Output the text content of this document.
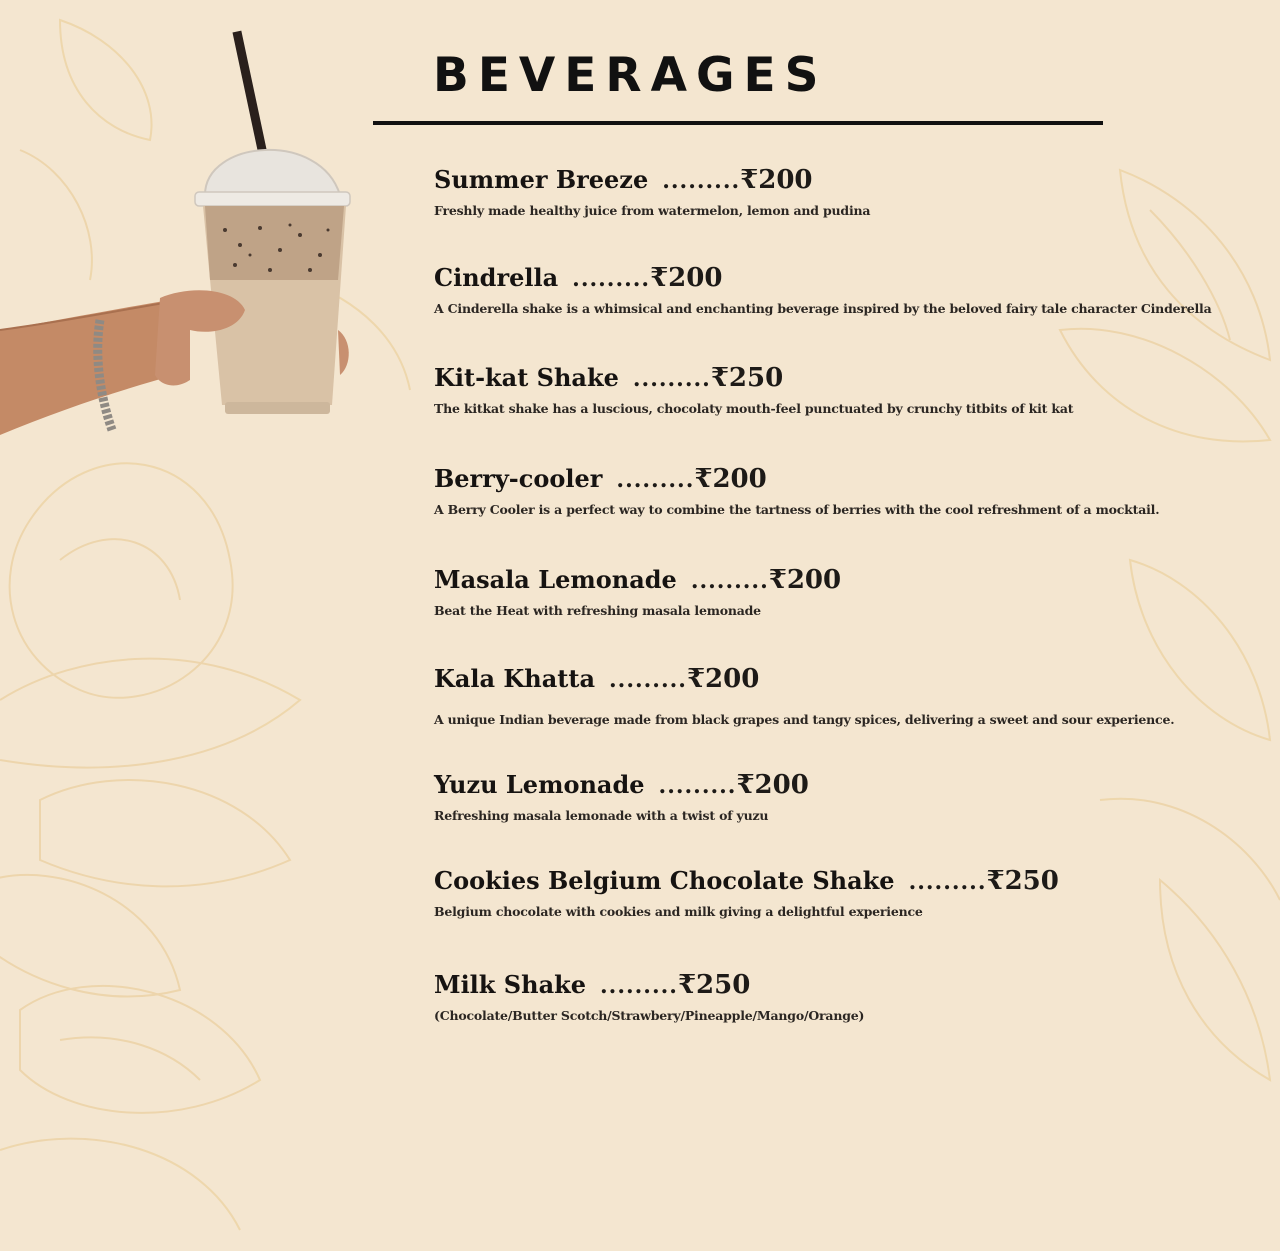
BEVERAGES
Summer Breeze .........₹200
Freshly made healthy juice from watermelon, lemon and pudina
Cindrella .........₹200
A Cinderella shake is a whimsical and enchanting beverage inspired by the beloved fairy tale character Cinderella
Kit-kat Shake .........₹250
The kitkat shake has a luscious, chocolaty mouth-feel punctuated by crunchy titbits of kit kat
Berry-cooler .........₹200
A Berry Cooler is a perfect way to combine the tartness of berries with the cool refreshment of a mocktail.
Masala Lemonade .........₹200
Beat the Heat with refreshing masala lemonade
Kala Khatta .........₹200
A unique Indian beverage made from black grapes and tangy spices, delivering a sweet and sour experience.
Yuzu Lemonade .........₹200
Refreshing masala lemonade with a twist of yuzu
Cookies Belgium Chocolate Shake .........₹250
Belgium chocolate with cookies and milk giving a delightful experience
Milk Shake .........₹250
(Chocolate/Butter Scotch/Strawbery/Pineapple/Mango/Orange)
